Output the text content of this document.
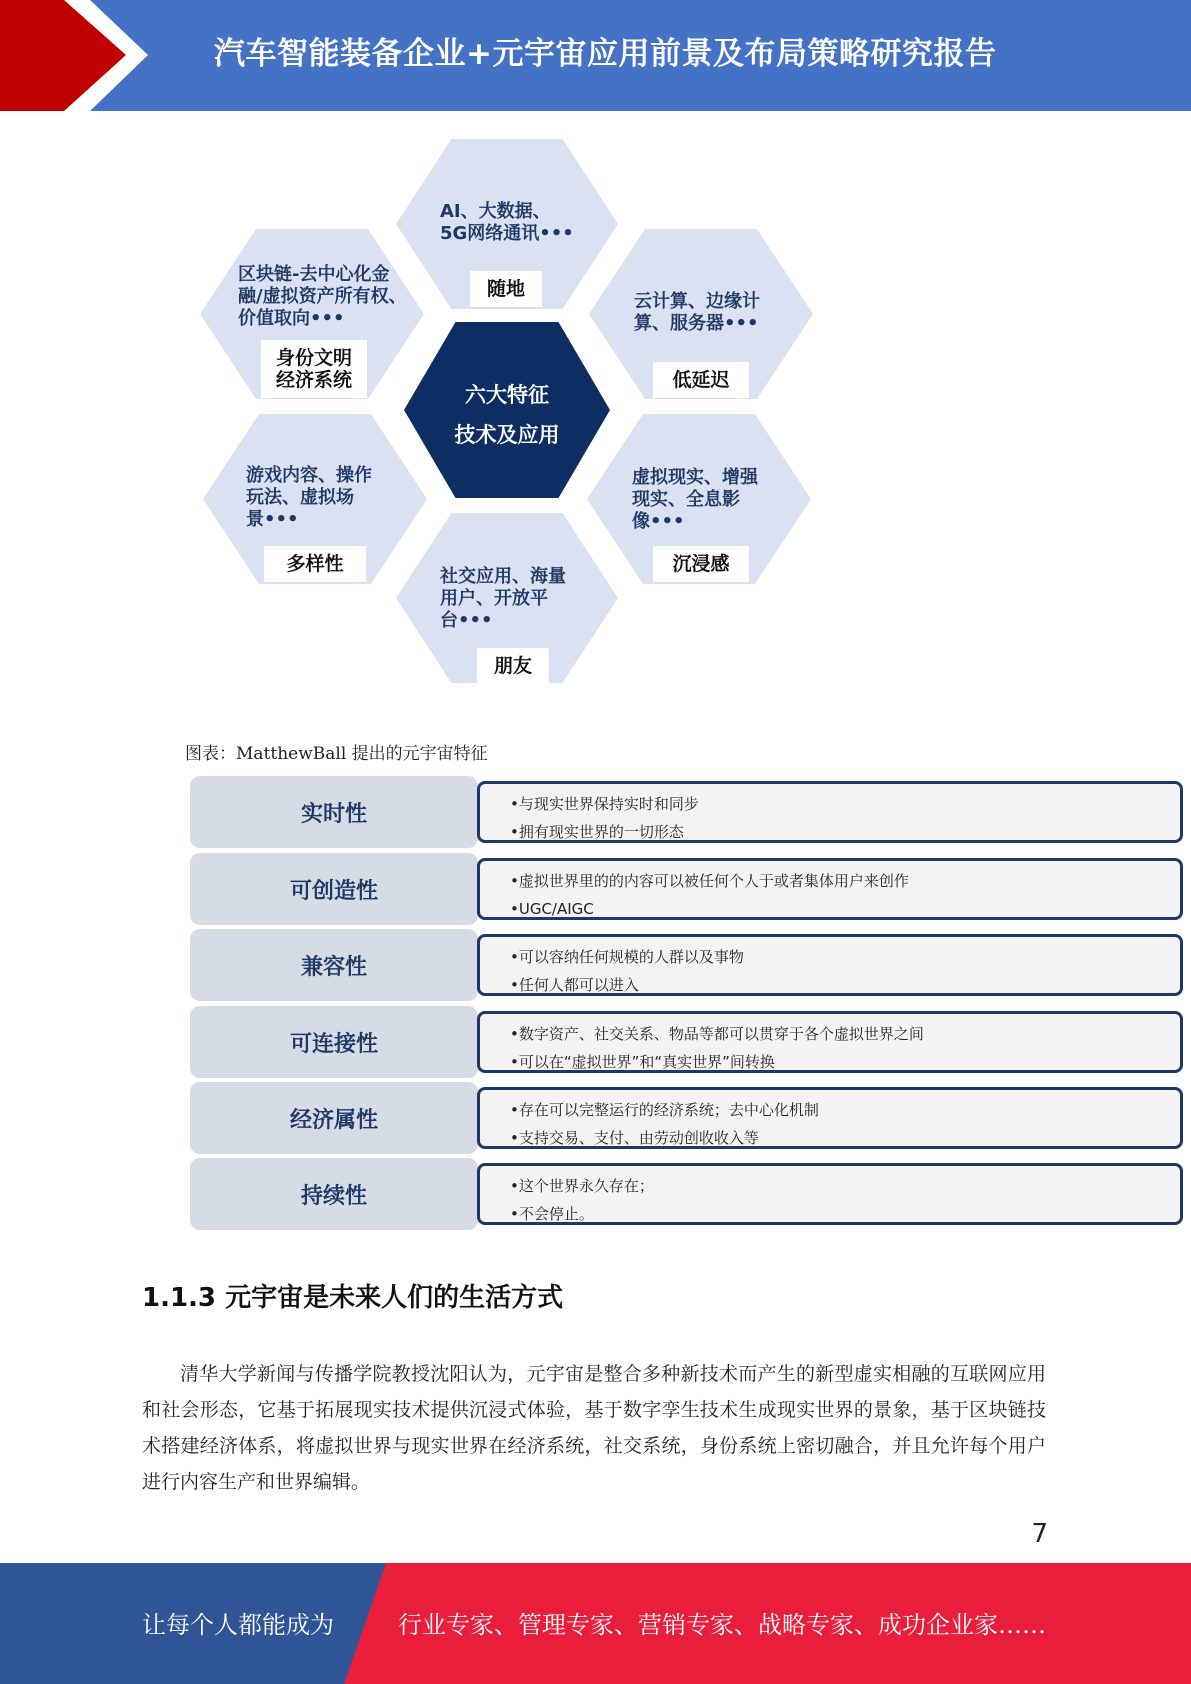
汽车智能装备企业+元宇宙应用前景及布局策略研究报告
AI、大数据、
5G网络通讯•••
随地
云计算、边缘计
算、服务器•••
低延迟
虚拟现实、增强
现实、全息影
像•••
沉浸感
社交应用、海量
用户、开放平
台•••
朋友
游戏内容、操作
玩法、虚拟场
景•••
多样性
区块链-去中心化金
融/虚拟资产所有权、
价值取向•••
身份文明
经济系统
六大特征
技术及应用
图表：MatthewBall 提出的元宇宙特征
实时性	•与现实世界保持实时和同步
•拥有现实世界的一切形态
可创造性	•虚拟世界里的的内容可以被任何个人于或者集体用户来创作
•UGC/AIGC
兼容性	•可以容纳任何规模的人群以及事物
•任何人都可以进入
可连接性	•数字资产、社交关系、物品等都可以贯穿于各个虚拟世界之间
•可以在“虚拟世界”和“真实世界”间转换
经济属性	•存在可以完整运行的经济系统；去中心化机制
•支持交易、支付、由劳动创收收入等
持续性	•这个世界永久存在；
•不会停止。
1.1.3 元宇宙是未来人们的生活方式

清华大学新闻与传播学院教授沈阳认为，元宇宙是整合多种新技术而产生的新型虚实相融的互联网应用和社会形态，它基于拓展现实技术提供沉浸式体验，基于数字孪生技术生成现实世界的景象，基于区块链技术搭建经济体系，将虚拟世界与现实世界在经济系统，社交系统，身份系统上密切融合，并且允许每个用户进行内容生产和世界编辑。

7
让每个人都能成为	行业专家、管理专家、营销专家、战略专家、成功企业家……
